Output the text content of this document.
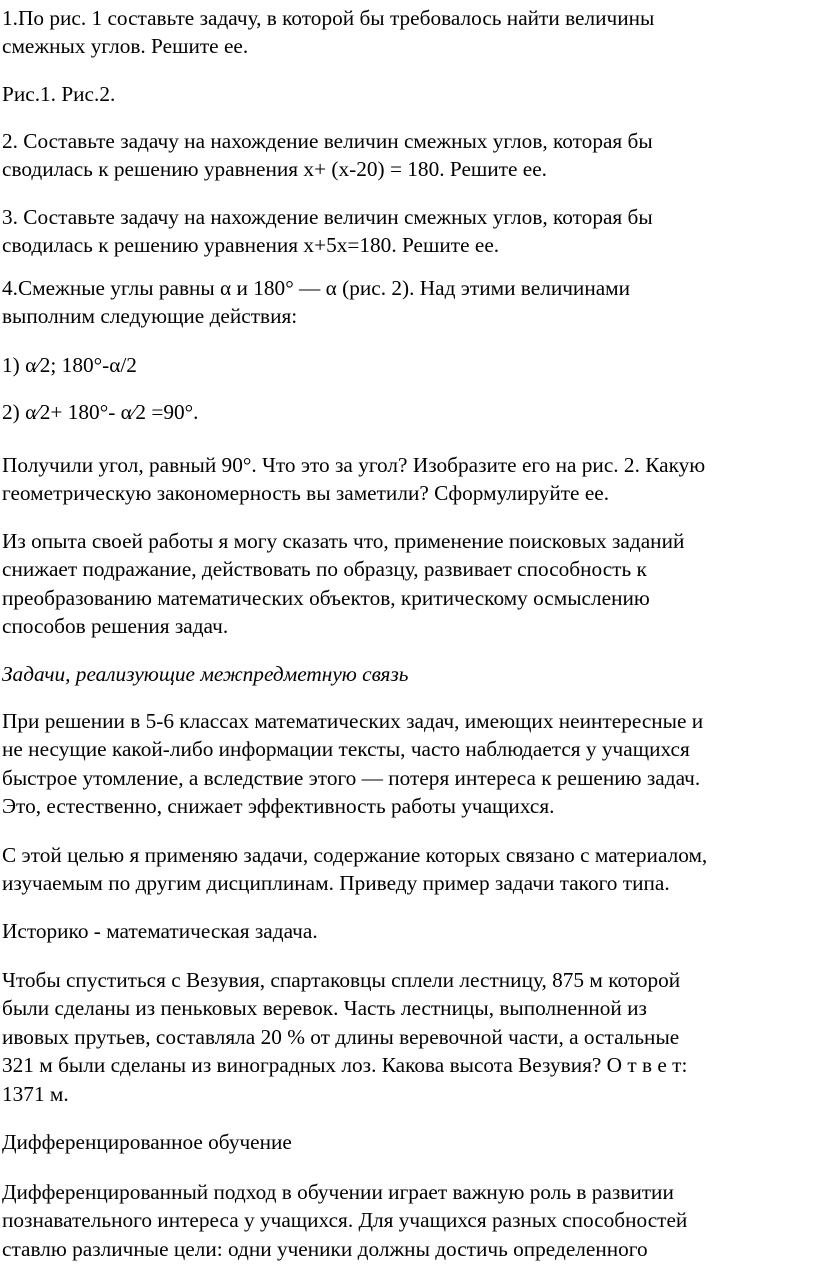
1.По рис. 1 составьте задачу, в которой бы требовалось найти величины
смежных углов. Решите ее.

Рис.1. Рис.2.

2. Составьте задачу на нахождение величин смежных углов, которая бы
сводилась к решению уравнения x+ (x-20) = 180. Решите ее.

3. Составьте задачу на нахождение величин смежных углов, которая бы
сводилась к решению уравнения x+5x=180. Решите ее.

4.Смежные углы равны α и 180° — α (рис. 2). Над этими величинами
выполним следующие действия:

1) α⁄2; 180°-α/2

2) α⁄2+ 180°- α⁄2 =90°.

Получили угол, равный 90°. Что это за угол? Изобразите его на рис. 2. Какую
геометрическую закономерность вы заметили? Сформулируйте ее.

Из опыта своей работы я могу сказать что, применение поисковых заданий
снижает подражание, действовать по образцу, развивает способность к
преобразованию математических объектов, критическому осмыслению
способов решения задач.

Задачи, реализующие межпредметную связь

При решении в 5-6 классах математических задач, имеющих неинтересные и
не несущие какой-либо информации тексты, часто наблюдается у учащихся
быстрое утомление, а вследствие этого — потеря интереса к решению задач.
Это, естественно, снижает эффективность работы учащихся.

С этой целью я применяю задачи, содержание которых связано с материалом,
изучаемым по другим дисциплинам. Приведу пример задачи такого типа.

Историко - математическая задача.

Чтобы спуститься с Везувия, спартаковцы сплели лестницу, 875 м которой
были сделаны из пеньковых веревок. Часть лестницы, выполненной из
ивовых прутьев, составляла 20 % от длины веревочной части, а остальные
321 м были сделаны из виноградных лоз. Какова высота Везувия? О т в е т:
1371 м.

Дифференцированное обучение

Дифференцированный подход в обучении играет важную роль в развитии
познавательного интереса у учащихся. Для учащихся разных способностей
ставлю различные цели: одни ученики должны достичь определенного
